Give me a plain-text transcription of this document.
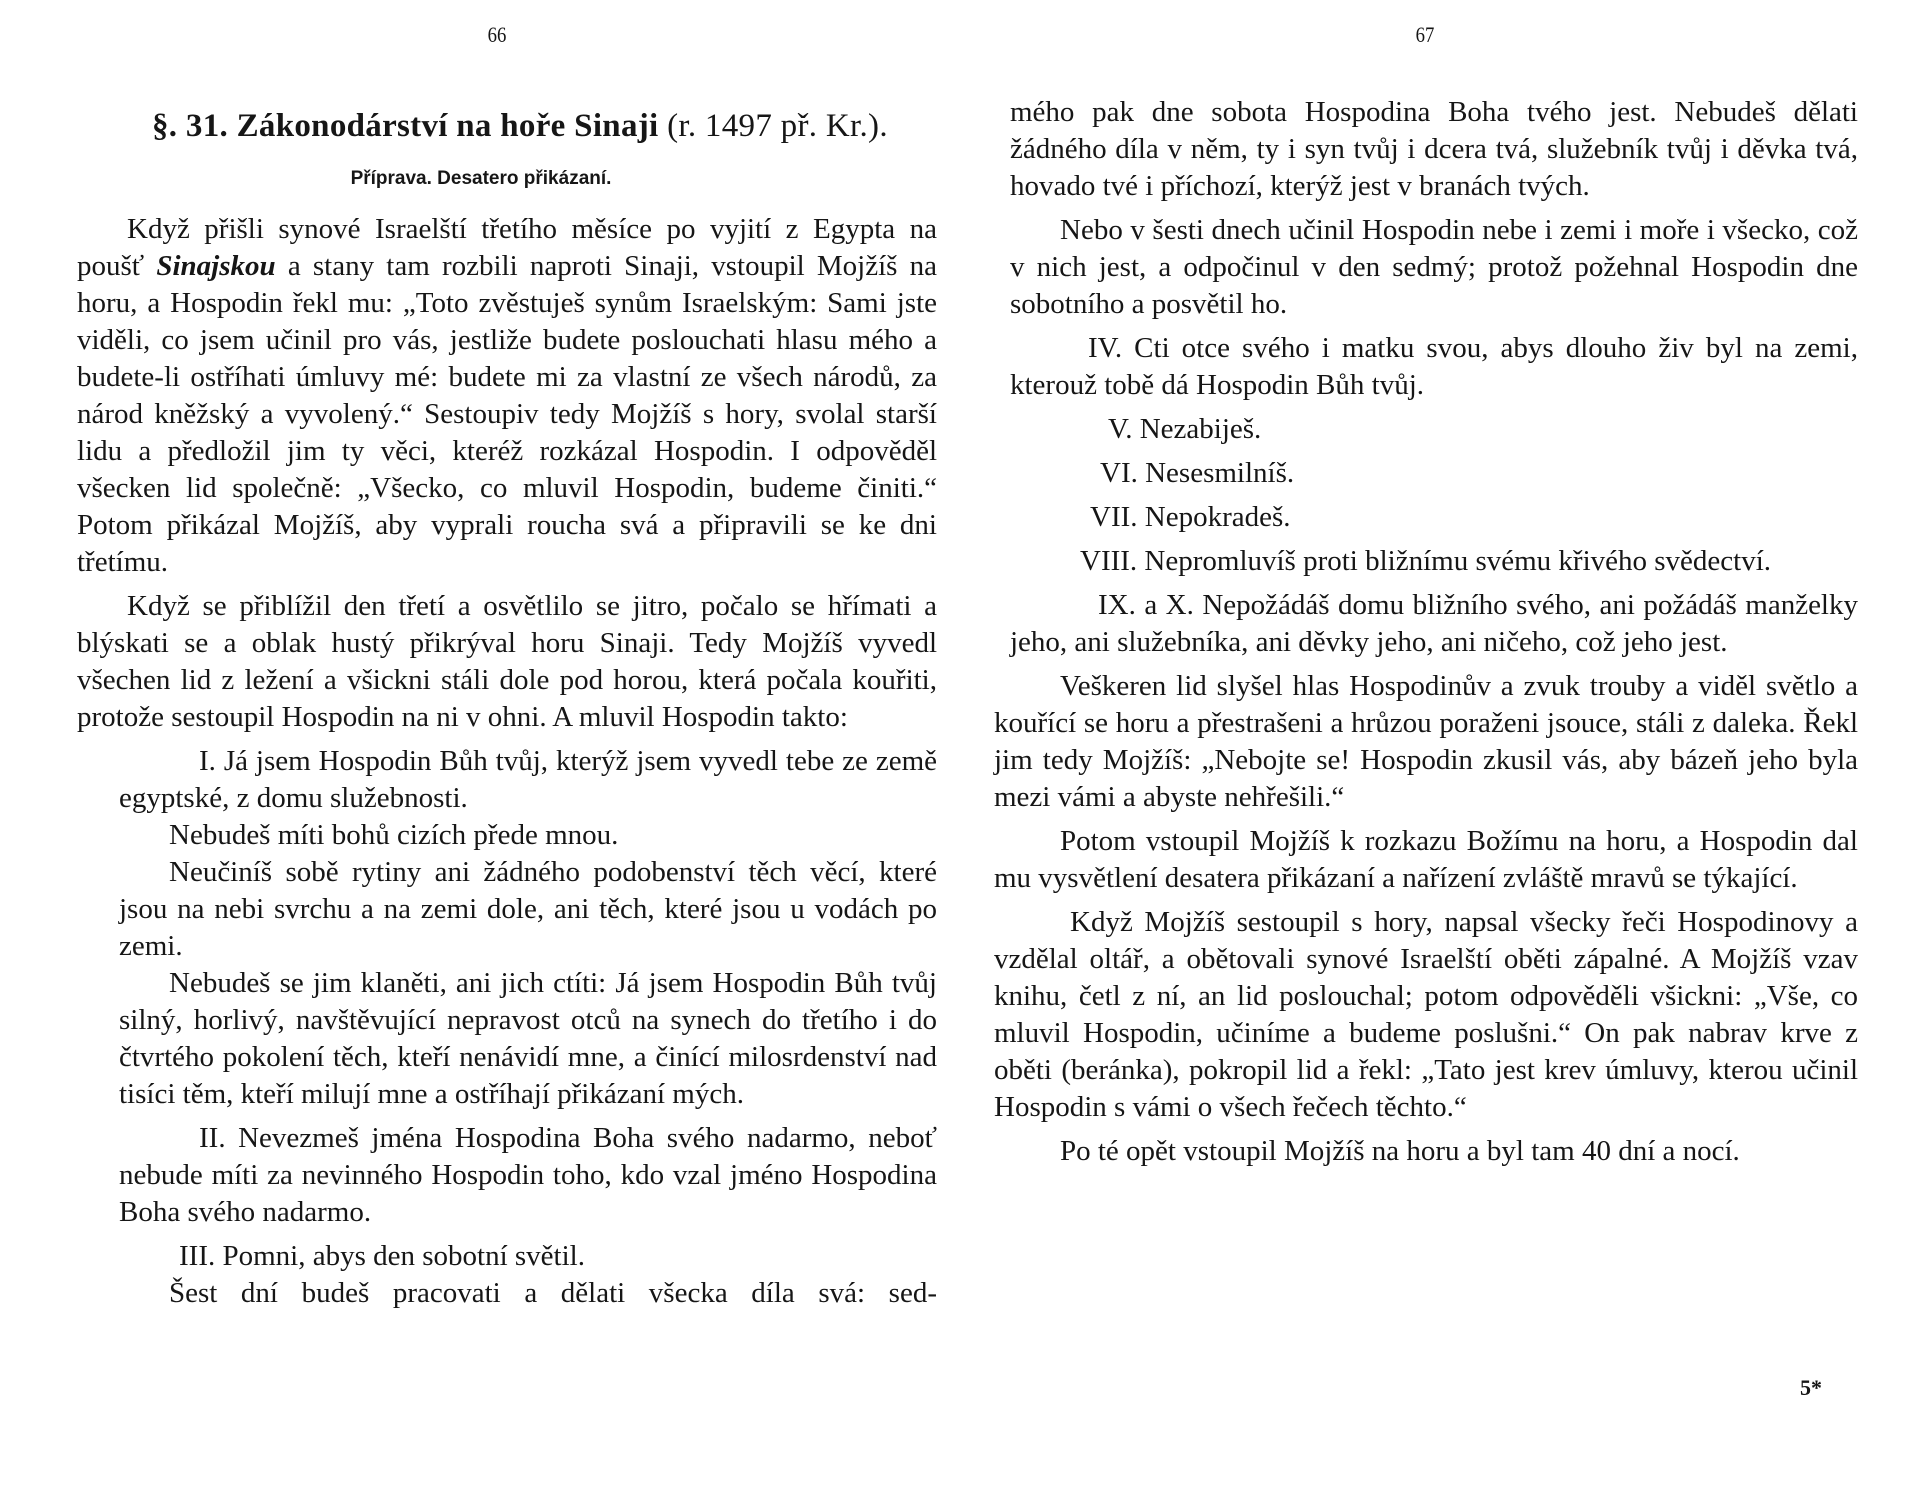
66
§. 31. Zákonodárství na hoře Sinaji (r. 1497 př. Kr.).
Příprava. Desatero přikázaní.

Když přišli synové Israelští třetího měsíce po vyjití z Egypta na poušť Sinajskou a stany tam rozbili naproti Sinaji, vstoupil Mojžíš na horu, a Hospodin řekl mu: „Toto zvěstuješ synům Israelským: Sami jste viděli, co jsem učinil pro vás, jestliže budete poslouchati hlasu mého a budete-li ostříhati úmluvy mé: budete mi za vlastní ze všech národů, za národ kněžský a vyvolený.“ Sestoupiv tedy Mojžíš s hory, svolal starší lidu a předložil jim ty věci, kteréž rozkázal Hospodin. I odpověděl všecken lid společně: „Všecko, co mluvil Hospodin, budeme činiti.“ Potom přikázal Mojžíš, aby vyprali roucha svá a připravili se ke dni třetímu.

Když se přiblížil den třetí a osvětlilo se jitro, počalo se hřímati a blýskati se a oblak hustý přikrýval horu Sinaji. Tedy Mojžíš vyvedl všechen lid z ležení a všickni stáli dole pod horou, která počala kouřiti, protože sestoupil Hospodin na ni v ohni. A mluvil Hospodin takto:

I. Já jsem Hospodin Bůh tvůj, kterýž jsem vyvedl tebe ze země egyptské, z domu služebnosti.

Nebudeš míti bohů cizích přede mnou.

Neučiníš sobě rytiny ani žádného podobenství těch věcí, které jsou na nebi svrchu a na zemi dole, ani těch, které jsou u vodách po zemi.

Nebudeš se jim klaněti, ani jich ctíti: Já jsem Hospodin Bůh tvůj silný, horlivý, navštěvující nepravost otců na synech do třetího i do čtvrtého pokolení těch, kteří nenávidí mne, a činící milosrdenství nad tisíci těm, kteří milují mne a ostříhají přikázaní mých.

II. Nevezmeš jména Hospodina Boha svého nadarmo, neboť nebude míti za nevinného Hospodin toho, kdo vzal jméno Hospodina Boha svého nadarmo.

III. Pomni, abys den sobotní světil.

Šest dní budeš pracovati a dělati všecka díla svá: sed-

67

mého pak dne sobota Hospodina Boha tvého jest. Nebudeš dělati žádného díla v něm, ty i syn tvůj i dcera tvá, služebník tvůj i děvka tvá, hovado tvé i příchozí, kterýž jest v branách tvých.

Nebo v šesti dnech učinil Hospodin nebe i zemi i moře i všecko, což v nich jest, a odpočinul v den sedmý; protož požehnal Hospodin dne sobotního a posvětil ho.

IV. Cti otce svého i matku svou, abys dlouho živ byl na zemi, kterouž tobě dá Hospodin Bůh tvůj.

V. Nezabiješ.

VI. Nesesmilníš.

VII. Nepokradeš.

VIII. Nepromluvíš proti bližnímu svému křivého svědectví.

IX. a X. Nepožádáš domu bližního svého, ani požádáš manželky jeho, ani služebníka, ani děvky jeho, ani ničeho, což jeho jest.

Veškeren lid slyšel hlas Hospodinův a zvuk trouby a viděl světlo a kouřící se horu a přestrašeni a hrůzou poraženi jsouce, stáli z daleka. Řekl jim tedy Mojžíš: „Nebojte se! Hospodin zkusil vás, aby bázeň jeho byla mezi vámi a abyste nehřešili.“

Potom vstoupil Mojžíš k rozkazu Božímu na horu, a Hospodin dal mu vysvětlení desatera přikázaní a nařízení zvláště mravů se týkající.

Když Mojžíš sestoupil s hory, napsal všecky řeči Hospodinovy a vzdělal oltář, a obětovali synové Israelští oběti zápalné. A Mojžíš vzav knihu, četl z ní, an lid poslouchal; potom odpověděli všickni: „Vše, co mluvil Hospodin, učiníme a budeme poslušni.“ On pak nabrav krve z oběti (beránka), pokropil lid a řekl: „Tato jest krev úmluvy, kterou učinil Hospodin s vámi o všech řečech těchto.“

Po té opět vstoupil Mojžíš na horu a byl tam 40 dní a nocí.

5*
